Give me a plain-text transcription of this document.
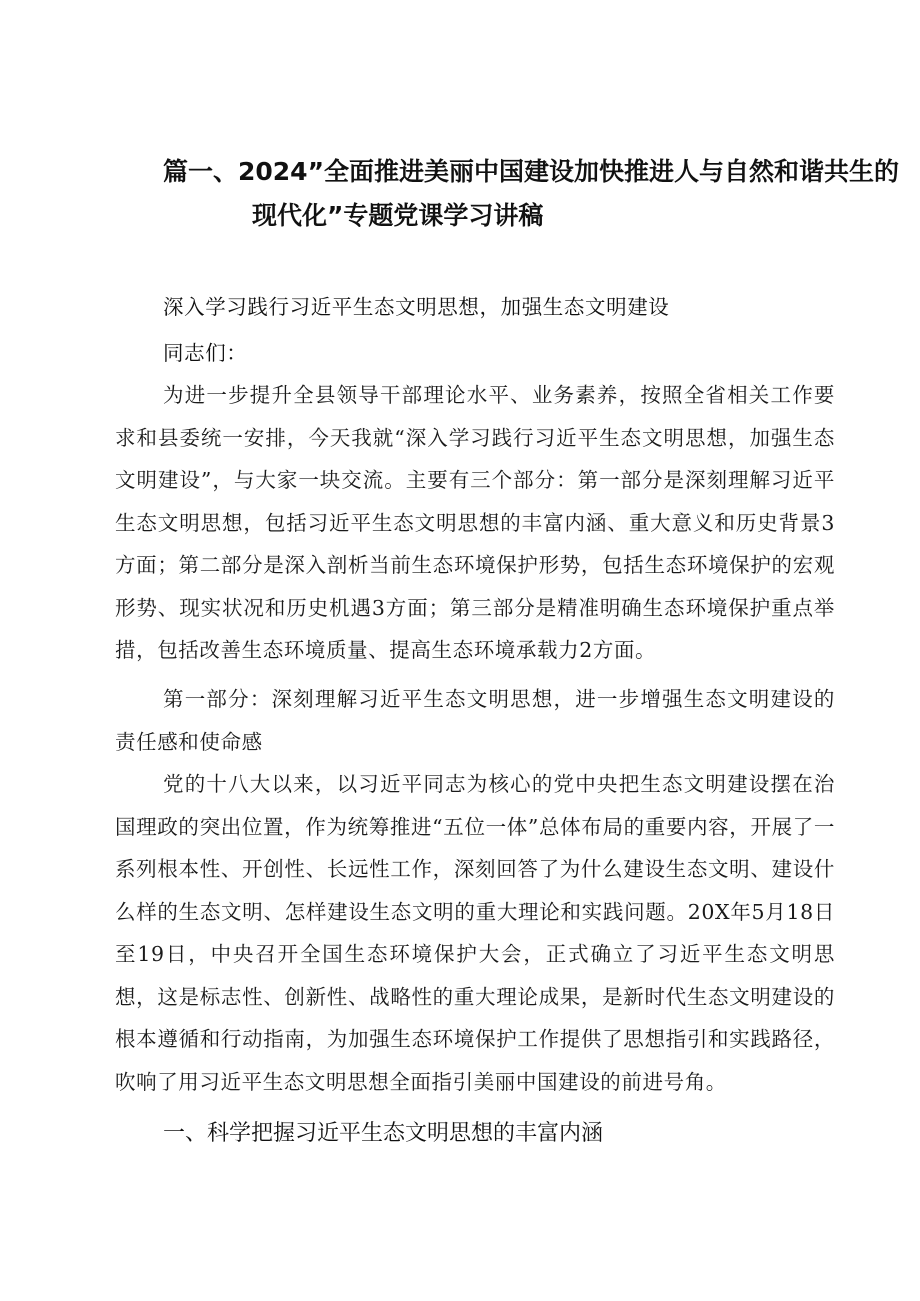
篇一、2024”全面推进美丽中国建设加快推进人与自然和谐共生的
现代化”专题党课学习讲稿
深入学习践行习近平生态文明思想，加强生态文明建设
同志们：

为进一步提升全县领导干部理论水平、业务素养，按照全省相关工作要求和县委统一安排，今天我就“深入学习践行习近平生态文明思想，加强生态文明建设”，与大家一块交流。主要有三个部分：第一部分是深刻理解习近平生态文明思想，包括习近平生态文明思想的丰富内涵、重大意义和历史背景3方面；第二部分是深入剖析当前生态环境保护形势，包括生态环境保护的宏观形势、现实状况和历史机遇3方面；第三部分是精准明确生态环境保护重点举措，包括改善生态环境质量、提高生态环境承载力2方面。

第一部分：深刻理解习近平生态文明思想，进一步增强生态文明建设的责任感和使命感

党的十八大以来，以习近平同志为核心的党中央把生态文明建设摆在治国理政的突出位置，作为统筹推进“五位一体”总体布局的重要内容，开展了一系列根本性、开创性、长远性工作，深刻回答了为什么建设生态文明、建设什么样的生态文明、怎样建设生态文明的重大理论和实践问题。20X年5月18日至19日，中央召开全国生态环境保护大会，正式确立了习近平生态文明思想，这是标志性、创新性、战略性的重大理论成果，是新时代生态文明建设的根本遵循和行动指南，为加强生态环境保护工作提供了思想指引和实践路径，吹响了用习近平生态文明思想全面指引美丽中国建设的前进号角。

一、科学把握习近平生态文明思想的丰富内涵
